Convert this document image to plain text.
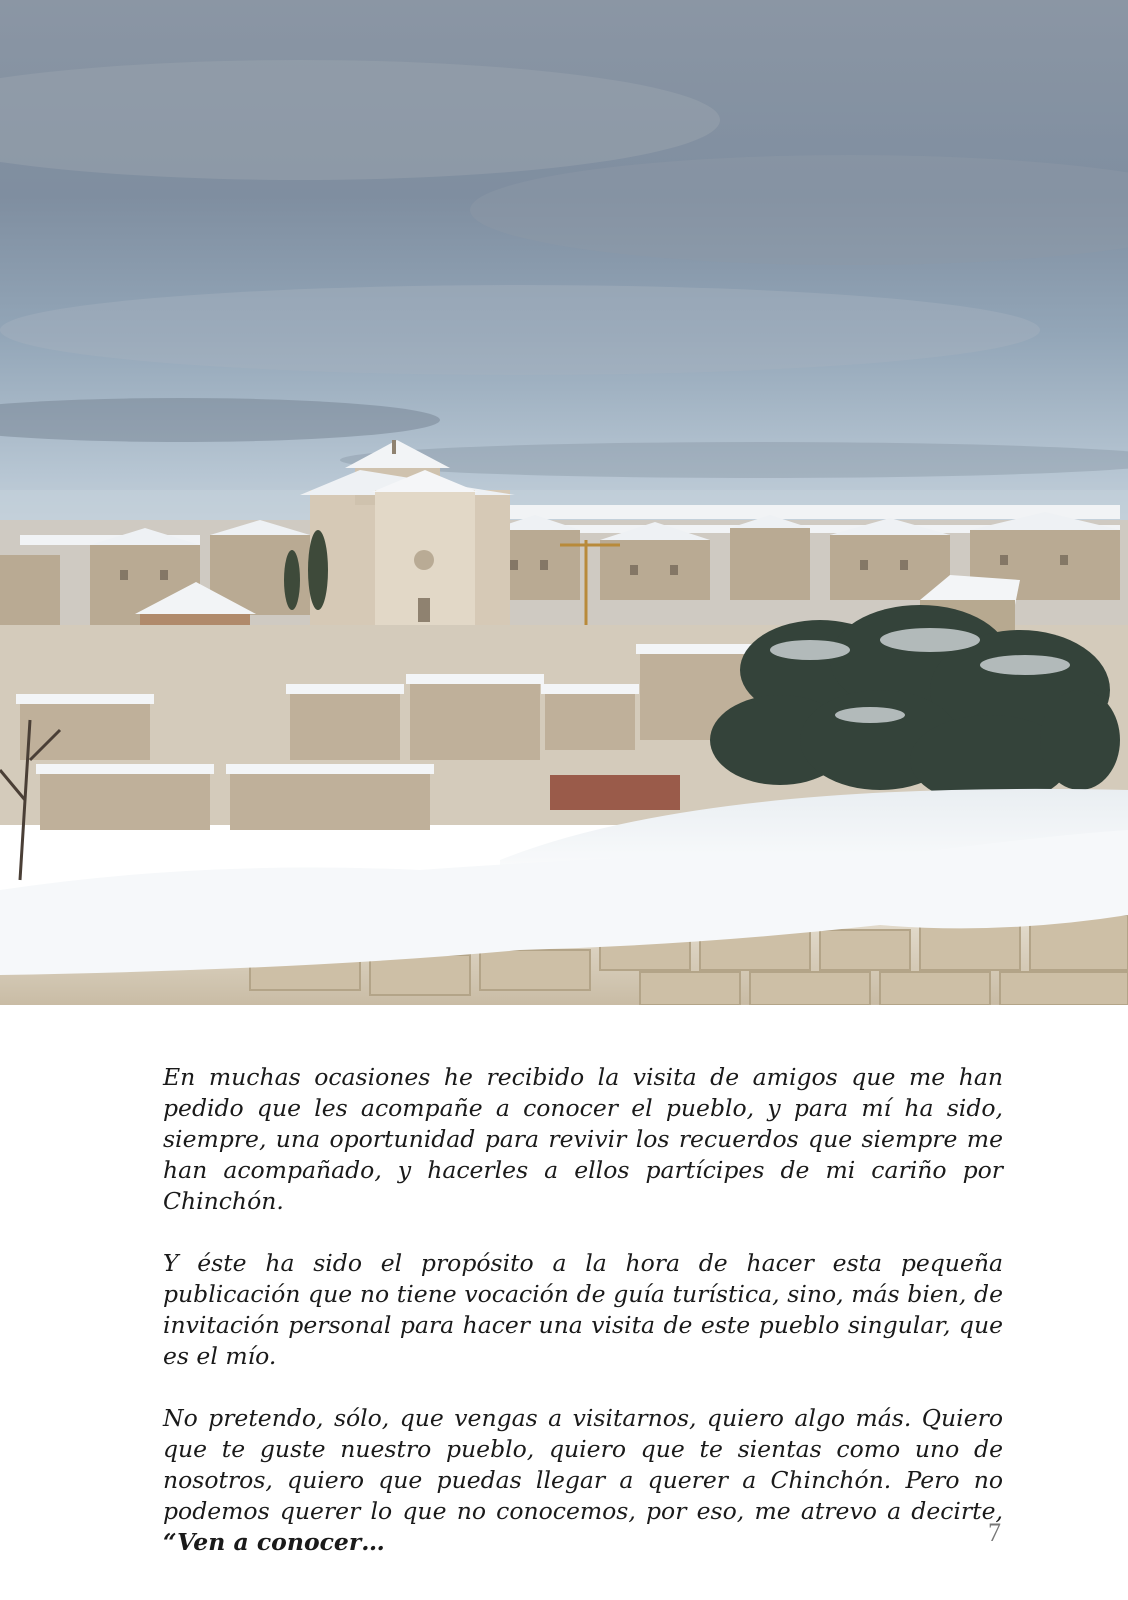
En muchas ocasiones he recibido la visita de amigos que me han pedido que les acompañe a conocer el pueblo, y para mí ha sido, siempre, una oportunidad para revivir los recuerdos que siempre me han acompañado, y hacerles a ellos partícipes de mi cariño por Chinchón.

Y éste ha sido el propósito a la hora de hacer esta pequeña publicación que no tiene vocación de guía turística, sino, más bien, de invitación personal para hacer una visita de este pueblo singular, que es el mío.

No pretendo, sólo, que vengas a visitarnos, quiero algo más. Quiero que te guste nuestro pueblo, quiero que te sientas como uno de nosotros, quiero que puedas llegar a querer a Chinchón. Pero no podemos querer lo que no conocemos, por eso, me atrevo a decirte, “Ven a conocer…	7
